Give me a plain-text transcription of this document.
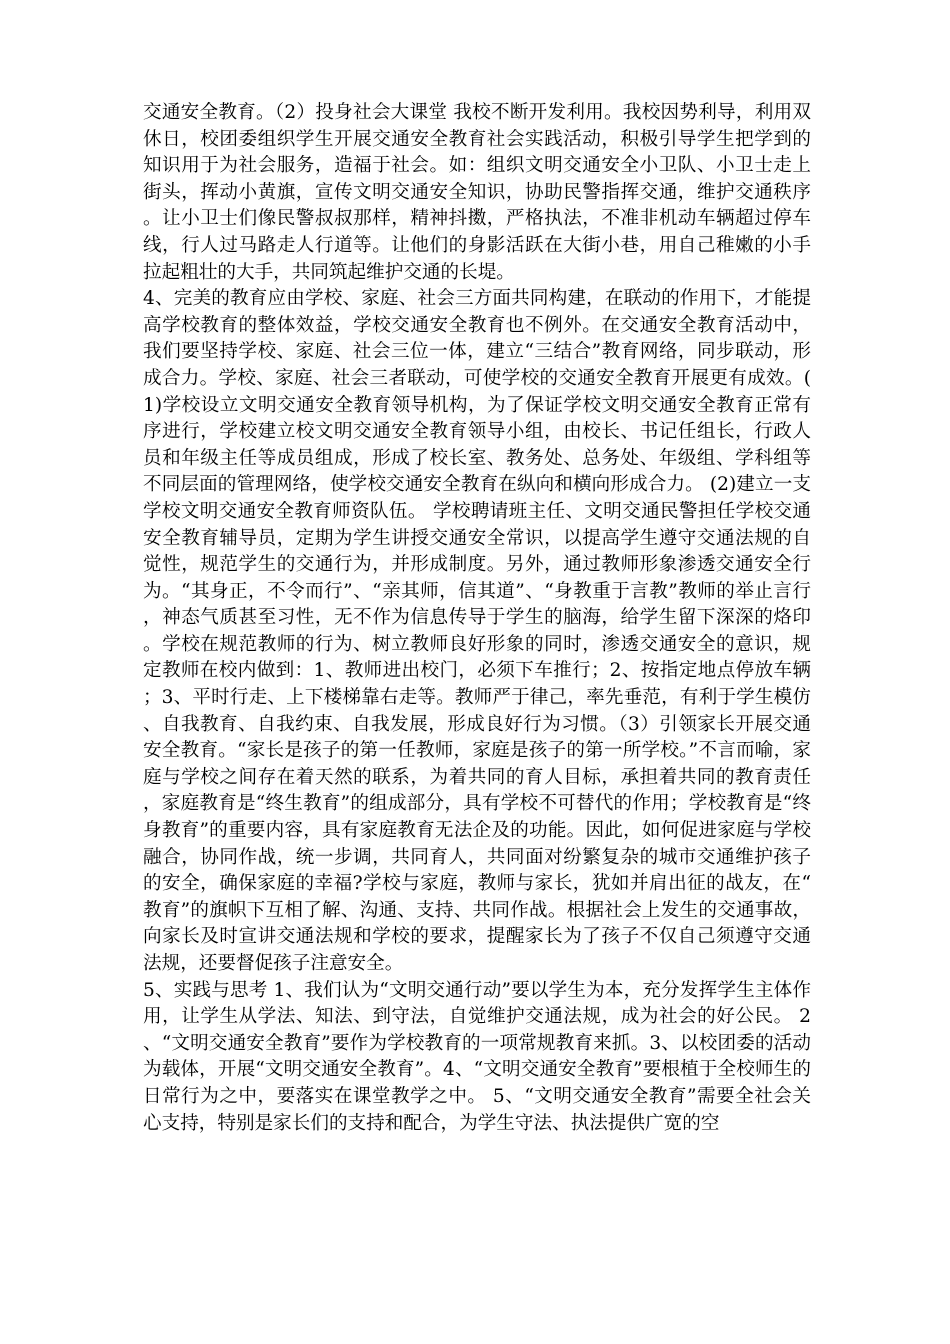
交通安全教育。（2）投身社会大课堂 我校不断开发利用。我校因势利导，利用双休日，校团委组织学生开展交通安全教育社会实践活动，积极引导学生把学到的知识用于为社会服务，造福于社会。如：组织文明交通安全小卫队、小卫士走上街头，挥动小黄旗，宣传文明交通安全知识，协助民警指挥交通，维护交通秩序。让小卫士们像民警叔叔那样，精神抖擞，严格执法，不准非机动车辆超过停车线，行人过马路走人行道等。让他们的身影活跃在大街小巷，用自己稚嫩的小手拉起粗壮的大手，共同筑起维护交通的长堤。

4、完美的教育应由学校、家庭、社会三方面共同构建，在联动的作用下，才能提高学校教育的整体效益，学校交通安全教育也不例外。在交通安全教育活动中，我们要坚持学校、家庭、社会三位一体，建立“三结合”教育网络，同步联动，形成合力。学校、家庭、社会三者联动，可使学校的交通安全教育开展更有成效。(1)学校设立文明交通安全教育领导机构，为了保证学校文明交通安全教育正常有序进行，学校建立校文明交通安全教育领导小组，由校长、书记任组长，行政人员和年级主任等成员组成，形成了校长室、教务处、总务处、年级组、学科组等不同层面的管理网络，使学校交通安全教育在纵向和横向形成合力。 (2)建立一支学校文明交通安全教育师资队伍。 学校聘请班主任、文明交通民警担任学校交通安全教育辅导员，定期为学生讲授交通安全常识，以提高学生遵守交通法规的自觉性，规范学生的交通行为，并形成制度。另外，通过教师形象渗透交通安全行为。“其身正，不令而行”、“亲其师，信其道”、“身教重于言教”教师的举止言行，神态气质甚至习性，无不作为信息传导于学生的脑海，给学生留下深深的烙印。学校在规范教师的行为、树立教师良好形象的同时，渗透交通安全的意识，规定教师在校内做到：1、教师进出校门，必须下车推行；2、按指定地点停放车辆；3、平时行走、上下楼梯靠右走等。教师严于律己，率先垂范，有利于学生模仿、自我教育、自我约束、自我发展，形成良好行为习惯。（3）引领家长开展交通安全教育。“家长是孩子的第一任教师，家庭是孩子的第一所学校。”不言而喻，家庭与学校之间存在着天然的联系，为着共同的育人目标，承担着共同的教育责任，家庭教育是“终生教育”的组成部分，具有学校不可替代的作用；学校教育是“终身教育”的重要内容，具有家庭教育无法企及的功能。因此，如何促进家庭与学校融合，协同作战，统一步调，共同育人，共同面对纷繁复杂的城市交通维护孩子的安全，确保家庭的幸福?学校与家庭，教师与家长，犹如并肩出征的战友，在“教育”的旗帜下互相了解、沟通、支持、共同作战。根据社会上发生的交通事故，向家长及时宣讲交通法规和学校的要求，提醒家长为了孩子不仅自己须遵守交通法规，还要督促孩子注意安全。

5、实践与思考 1、我们认为“文明交通行动”要以学生为本，充分发挥学生主体作用，让学生从学法、知法、到守法，自觉维护交通法规，成为社会的好公民。 2、“文明交通安全教育”要作为学校教育的一项常规教育来抓。3、以校团委的活动为载体，开展“文明交通安全教育”。4、“文明交通安全教育”要根植于全校师生的日常行为之中，要落实在课堂教学之中。 5、“文明交通安全教育”需要全社会关心支持，特别是家长们的支持和配合，为学生守法、执法提供广宽的空
